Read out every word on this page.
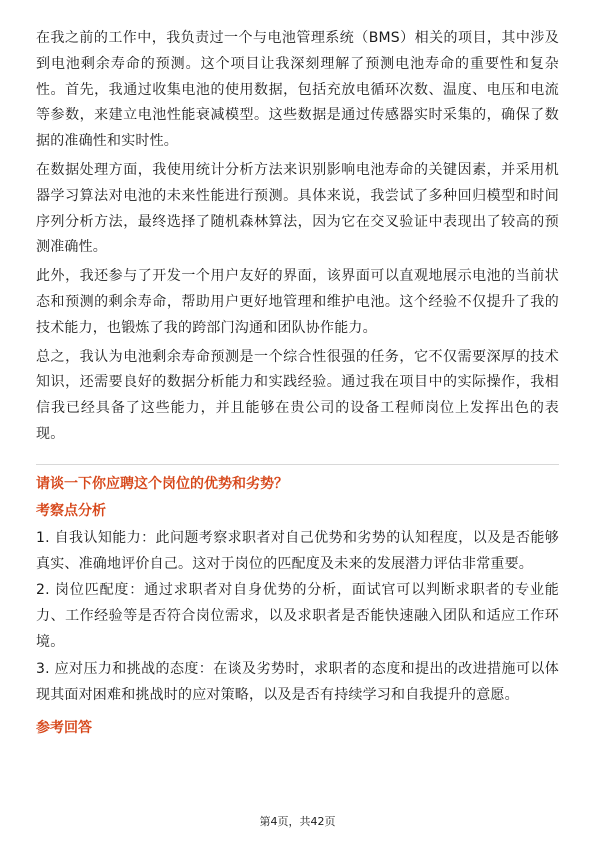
在我之前的工作中，我负责过一个与电池管理系统（BMS）相关的项目，其中涉及到电池剩余寿命的预测。这个项目让我深刻理解了预测电池寿命的重要性和复杂性。首先，我通过收集电池的使用数据，包括充放电循环次数、温度、电压和电流等参数，来建立电池性能衰减模型。这些数据是通过传感器实时采集的，确保了数据的准确性和实时性。

在数据处理方面，我使用统计分析方法来识别影响电池寿命的关键因素，并采用机器学习算法对电池的未来性能进行预测。具体来说，我尝试了多种回归模型和时间序列分析方法，最终选择了随机森林算法，因为它在交叉验证中表现出了较高的预测准确性。

此外，我还参与了开发一个用户友好的界面，该界面可以直观地展示电池的当前状态和预测的剩余寿命，帮助用户更好地管理和维护电池。这个经验不仅提升了我的技术能力，也锻炼了我的跨部门沟通和团队协作能力。

总之，我认为电池剩余寿命预测是一个综合性很强的任务，它不仅需要深厚的技术知识，还需要良好的数据分析能力和实践经验。通过我在项目中的实际操作，我相信我已经具备了这些能力，并且能够在贵公司的设备工程师岗位上发挥出色的表现。

请谈一下你应聘这个岗位的优势和劣势？

考察点分析

1. 自我认知能力：此问题考察求职者对自己优势和劣势的认知程度，以及是否能够真实、准确地评价自己。这对于岗位的匹配度及未来的发展潜力评估非常重要。

2. 岗位匹配度：通过求职者对自身优势的分析，面试官可以判断求职者的专业能力、工作经验等是否符合岗位需求，以及求职者是否能快速融入团队和适应工作环境。

3. 应对压力和挑战的态度：在谈及劣势时，求职者的态度和提出的改进措施可以体现其面对困难和挑战时的应对策略，以及是否有持续学习和自我提升的意愿。

参考回答

第4页，共42页
